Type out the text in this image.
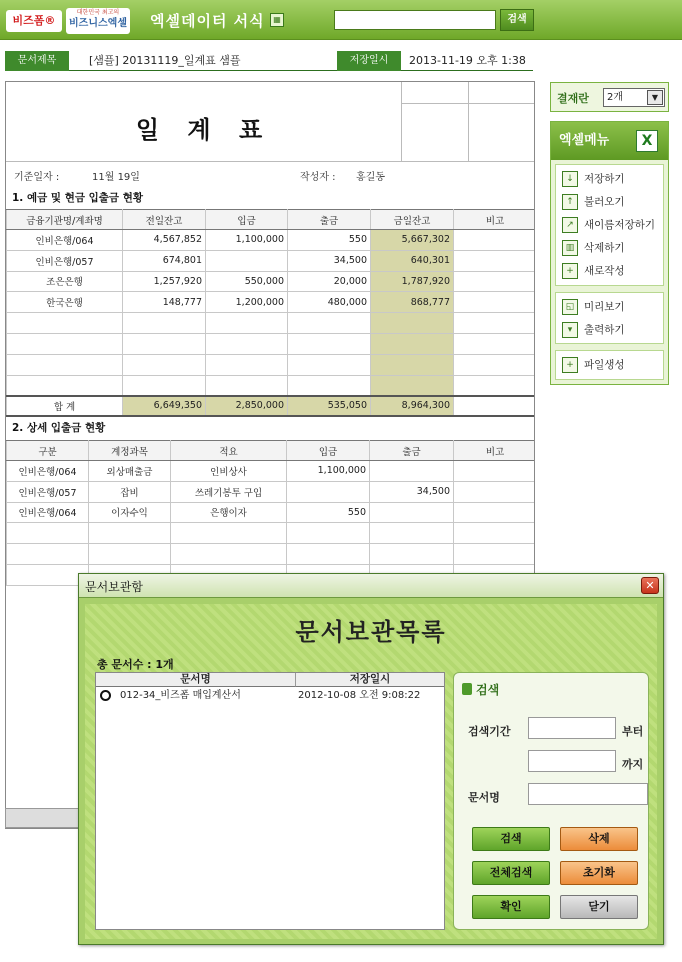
비즈폼®
대한민국 최고의
비즈니스엑셀 엑셀데이터 서식	▦	검색
문서제목	[샘플] 20131119_일계표 샘플	저장일시	2013-11-19 오후 1:38
일 계 표
기준일자 :	11월 19일	작성자 : 홍길동
1. 예금 및 현금 입출금 현황
금융기관명/계좌명	전일잔고	입금	출금	금일잔고	비고
인비은행/064	4,567,852	1,100,000	550	5,667,302	
인비은행/057	674,801		34,500	640,301	
조은은행	1,257,920	550,000	20,000	1,787,920	
한국은행	148,777	1,200,000	480,000	868,777	

합 계	6,649,350	2,850,000	535,050	8,964,300	
2. 상세 입출금 현황
구분	계정과목	적요	입금	출금	비고
인비은행/064	외상매출금	인비상사	1,100,000		
인비은행/057	잡비	쓰레기봉투 구입		34,500	
인비은행/064	이자수익	은행이자	550		

결재란	2개	▼
엑셀메뉴	X
↓ 저장하기
↑ 불러오기
↗ 새이름저장하기
▥ 삭제하기
+ 새로작성
◱ 미리보기
▾	출력하기
+ 파일생성
문서보관함	✕
문서보관목록
총 문서수 : 1개
문서명	저장일시
012-34_비즈폼 매입계산서	2012-10-08 오전 9:08:22	검색
검색기간	부터
까지
문서명
검색	삭제
전체검색	초기화
확인	닫기
